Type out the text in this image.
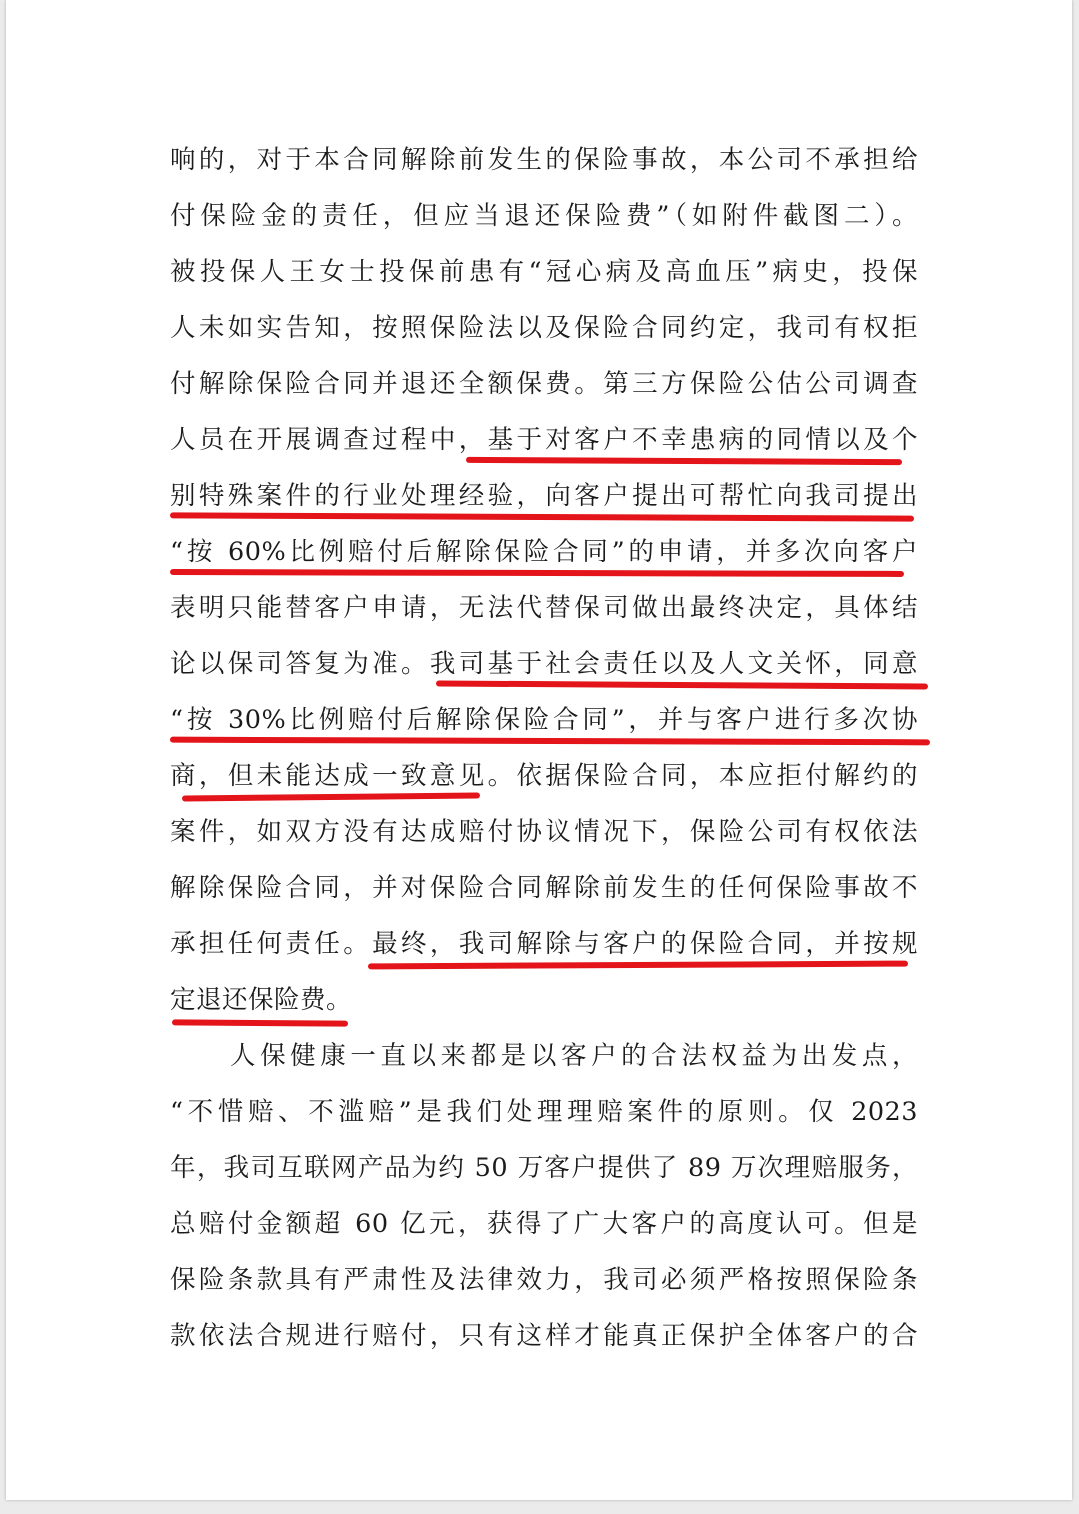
响的，对于本合同解除前发生的保险事故，本公司不承担给
付保险金的责任，但应当退还保险费”（如附件截图二）。
被投保人王女士投保前患有“冠心病及高血压”病史，投保
人未如实告知，按照保险法以及保险合同约定，我司有权拒
付解除保险合同并退还全额保费。第三方保险公估公司调查
人员在开展调查过程中，基于对客户不幸患病的同情以及个
别特殊案件的行业处理经验，向客户提出可帮忙向我司提出
“按 60%比例赔付后解除保险合同”的申请，并多次向客户
表明只能替客户申请，无法代替保司做出最终决定，具体结
论以保司答复为准。我司基于社会责任以及人文关怀，同意
“按 30%比例赔付后解除保险合同”，并与客户进行多次协
商，但未能达成一致意见。依据保险合同，本应拒付解约的
案件，如双方没有达成赔付协议情况下，保险公司有权依法
解除保险合同，并对保险合同解除前发生的任何保险事故不
承担任何责任。最终，我司解除与客户的保险合同，并按规
定退还保险费。
人保健康一直以来都是以客户的合法权益为出发点，
“不惜赔、不滥赔”是我们处理理赔案件的原则。仅 2023
年，我司互联网产品为约 50 万客户提供了 89 万次理赔服务，
总赔付金额超 60 亿元，获得了广大客户的高度认可。但是
保险条款具有严肃性及法律效力，我司必须严格按照保险条
款依法合规进行赔付，只有这样才能真正保护全体客户的合
